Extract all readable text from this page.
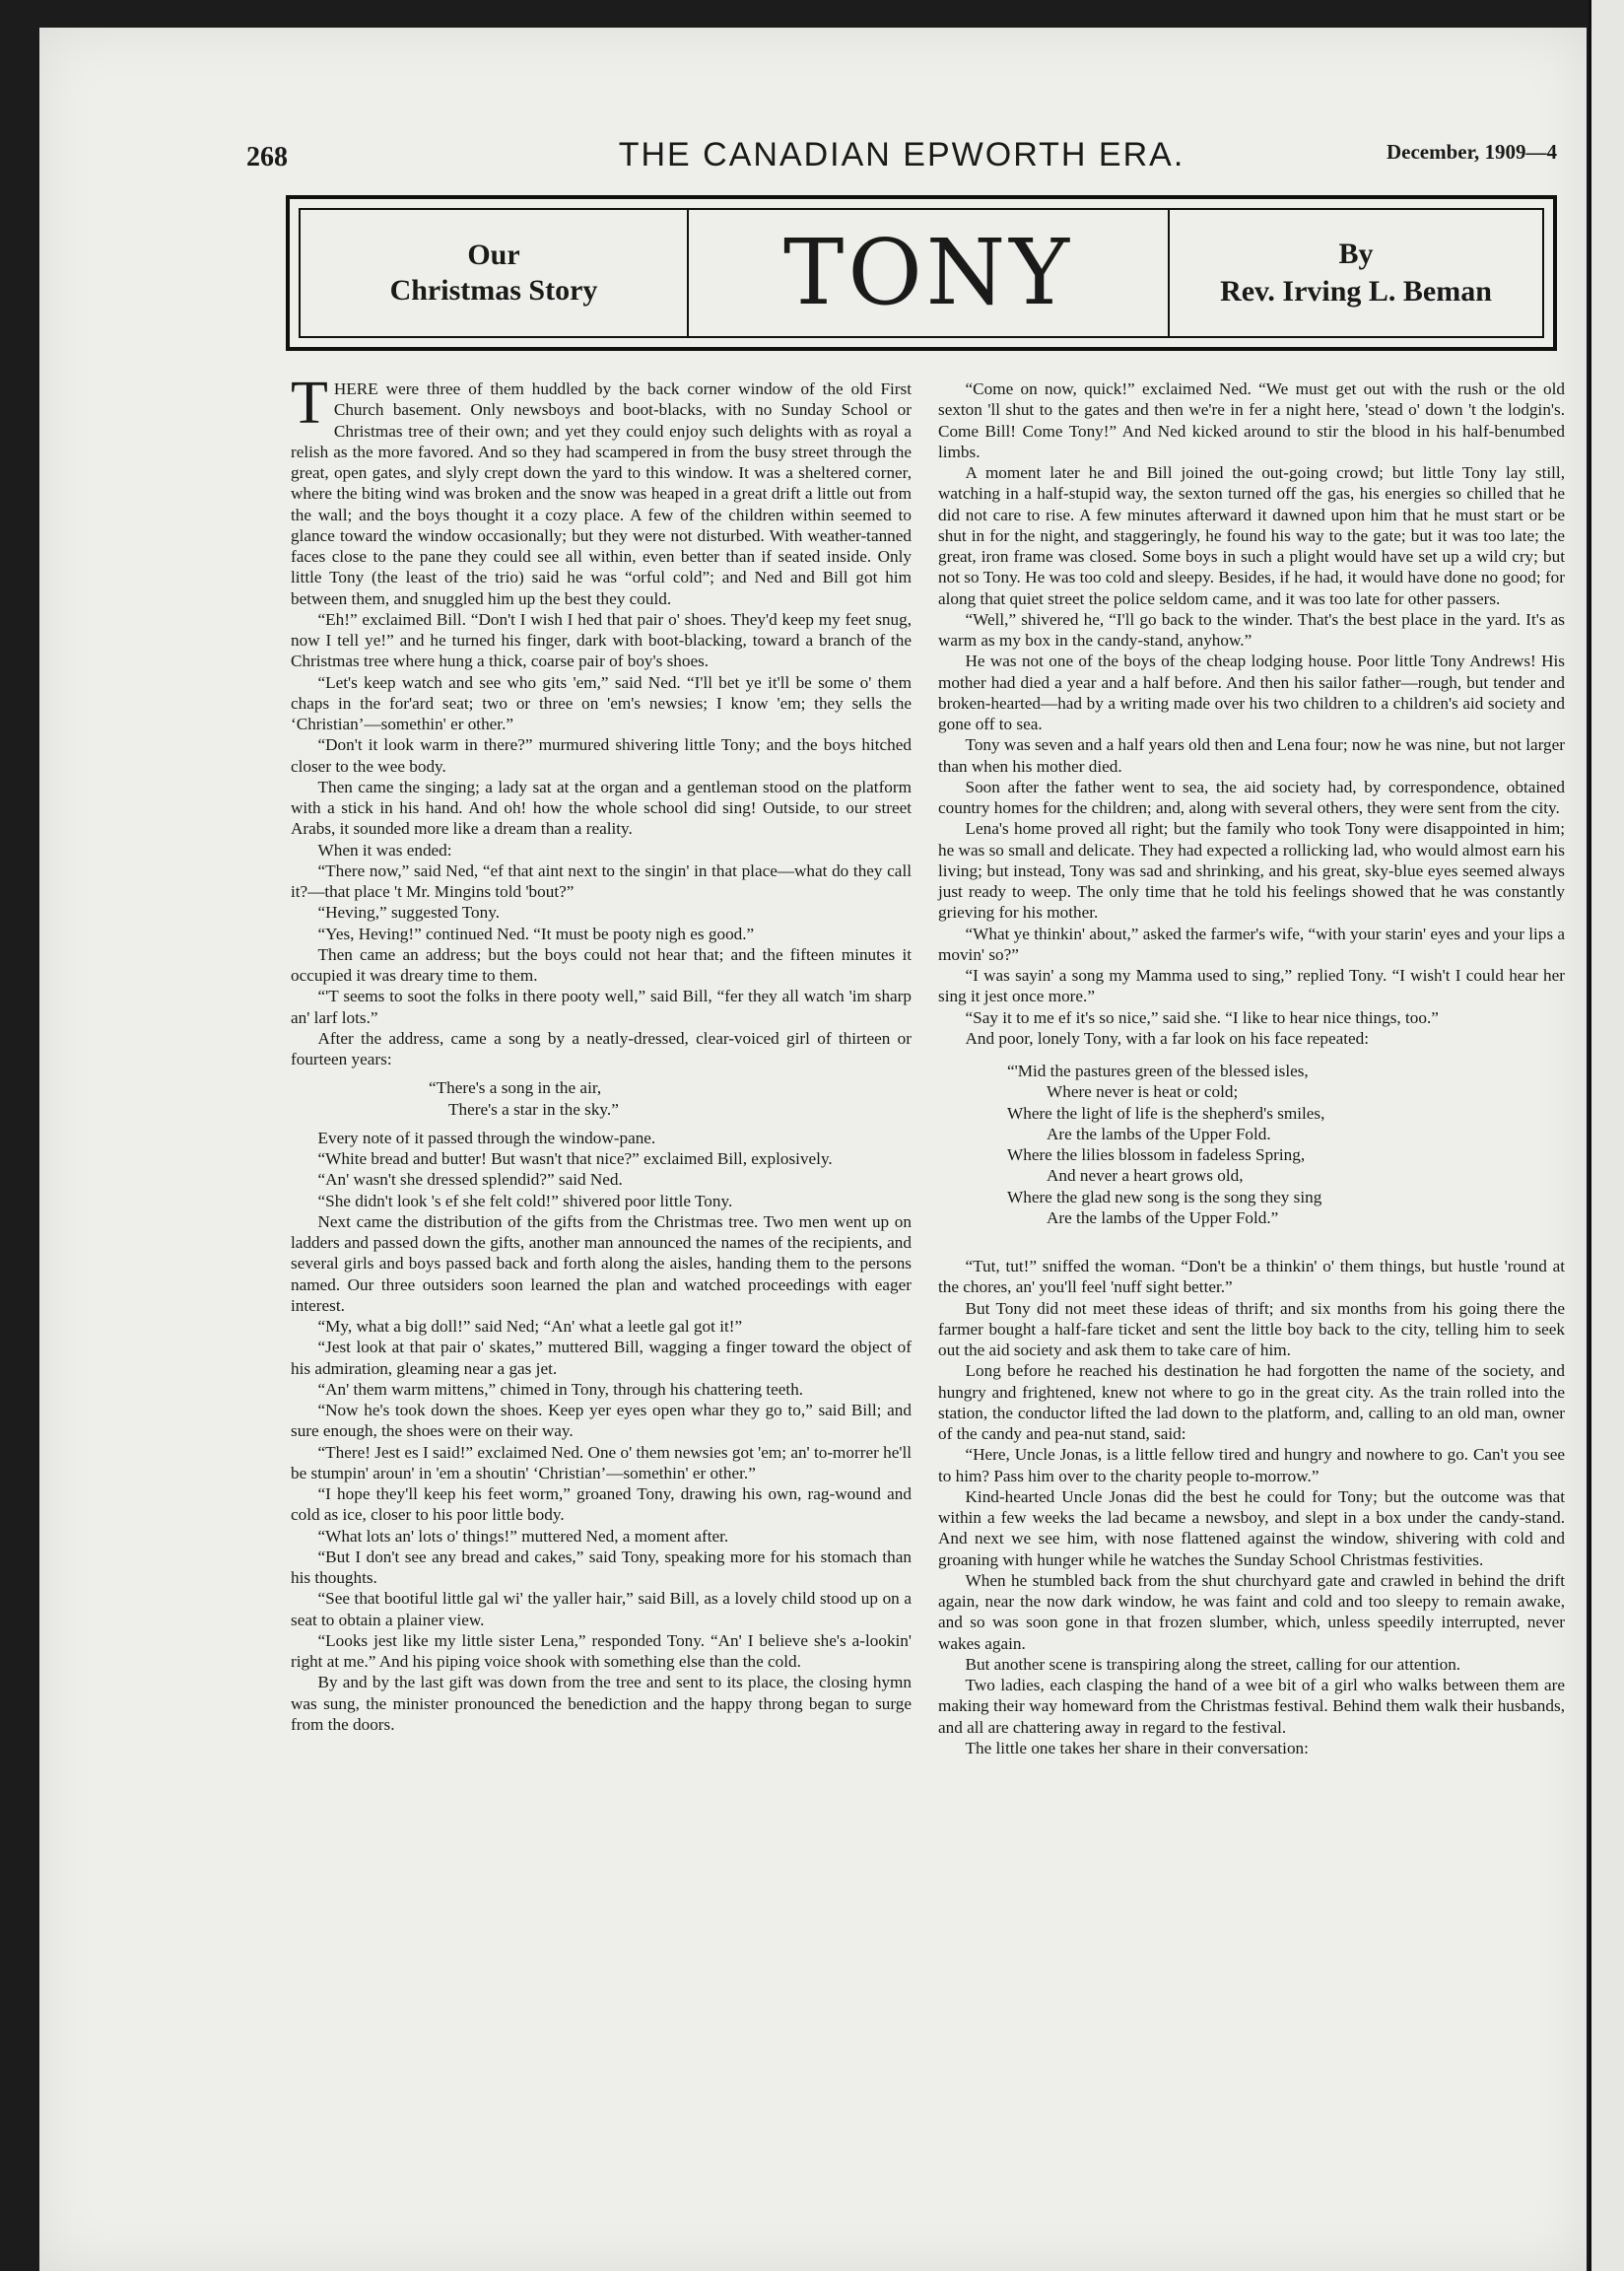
268	THE CANADIAN EPWORTH ERA.	December, 1909—4
Our
Christmas Story	TONY	By
Rev. Irving L. Beman

THERE were three of them huddled by the back corner window of the old First Church basement. Only newsboys and boot-blacks, with no Sunday School or Christmas tree of their own; and yet they could enjoy such delights with as royal a relish as the more favored. And so they had scampered in from the busy street through the great, open gates, and slyly crept down the yard to this window. It was a sheltered corner, where the biting wind was broken and the snow was heaped in a great drift a little out from the wall; and the boys thought it a cozy place. A few of the children within seemed to glance toward the window occasionally; but they were not disturbed. With weather-tanned faces close to the pane they could see all within, even better than if seated inside. Only little Tony (the least of the trio) said he was “orful cold”; and Ned and Bill got him between them, and snuggled him up the best they could.

“Eh!” exclaimed Bill. “Don't I wish I hed that pair o' shoes. They'd keep my feet snug, now I tell ye!” and he turned his finger, dark with boot-blacking, toward a branch of the Christmas tree where hung a thick, coarse pair of boy's shoes.

“Let's keep watch and see who gits 'em,” said Ned. “I'll bet ye it'll be some o' them chaps in the for'ard seat; two or three on 'em's newsies; I know 'em; they sells the ‘Christian’—somethin' er other.”

“Don't it look warm in there?” murmured shivering little Tony; and the boys hitched closer to the wee body.

Then came the singing; a lady sat at the organ and a gentleman stood on the platform with a stick in his hand. And oh! how the whole school did sing! Outside, to our street Arabs, it sounded more like a dream than a reality.

When it was ended:

“There now,” said Ned, “ef that aint next to the singin' in that place—what do they call it?—that place 't Mr. Mingins told 'bout?”

“Heving,” suggested Tony.

“Yes, Heving!” continued Ned. “It must be pooty nigh es good.”

Then came an address; but the boys could not hear that; and the fifteen minutes it occupied it was dreary time to them.

“'T seems to soot the folks in there pooty well,” said Bill, “fer they all watch 'im sharp an' larf lots.”

After the address, came a song by a neatly-dressed, clear-voiced girl of thirteen or fourteen years:

“There's a song in the air,
There's a star in the sky.”

Every note of it passed through the window-pane.

“White bread and butter! But wasn't that nice?” exclaimed Bill, explosively.

“An' wasn't she dressed splendid?” said Ned.

“She didn't look 's ef she felt cold!” shivered poor little Tony.

Next came the distribution of the gifts from the Christmas tree. Two men went up on ladders and passed down the gifts, another man announced the names of the recipients, and several girls and boys passed back and forth along the aisles, handing them to the persons named. Our three outsiders soon learned the plan and watched proceedings with eager interest.

“My, what a big doll!” said Ned; “An' what a leetle gal got it!”

“Jest look at that pair o' skates,” muttered Bill, wagging a finger toward the object of his admiration, gleaming near a gas jet.

“An' them warm mittens,” chimed in Tony, through his chattering teeth.

“Now he's took down the shoes. Keep yer eyes open whar they go to,” said Bill; and sure enough, the shoes were on their way.

“There! Jest es I said!” exclaimed Ned. One o' them newsies got 'em; an' to-morrer he'll be stumpin' aroun' in 'em a shoutin' ‘Christian’—somethin' er other.”

“I hope they'll keep his feet worm,” groaned Tony, drawing his own, rag-wound and cold as ice, closer to his poor little body.

“What lots an' lots o' things!” muttered Ned, a moment after.

“But I don't see any bread and cakes,” said Tony, speaking more for his stomach than his thoughts.

“See that bootiful little gal wi' the yaller hair,” said Bill, as a lovely child stood up on a seat to obtain a plainer view.

“Looks jest like my little sister Lena,” responded Tony. “An' I believe she's a-lookin' right at me.” And his piping voice shook with something else than the cold.

By and by the last gift was down from the tree and sent to its place, the closing hymn was sung, the minister pronounced the benediction and the happy throng began to surge from the doors.

“Come on now, quick!” exclaimed Ned. “We must get out with the rush or the old sexton 'll shut to the gates and then we're in fer a night here, 'stead o' down 't the lodgin's. Come Bill! Come Tony!” And Ned kicked around to stir the blood in his half-benumbed limbs.

A moment later he and Bill joined the out-going crowd; but little Tony lay still, watching in a half-stupid way, the sexton turned off the gas, his energies so chilled that he did not care to rise. A few minutes afterward it dawned upon him that he must start or be shut in for the night, and staggeringly, he found his way to the gate; but it was too late; the great, iron frame was closed. Some boys in such a plight would have set up a wild cry; but not so Tony. He was too cold and sleepy. Besides, if he had, it would have done no good; for along that quiet street the police seldom came, and it was too late for other passers.

“Well,” shivered he, “I'll go back to the winder. That's the best place in the yard. It's as warm as my box in the candy-stand, anyhow.”

He was not one of the boys of the cheap lodging house. Poor little Tony Andrews! His mother had died a year and a half before. And then his sailor father—rough, but tender and broken-hearted—had by a writing made over his two children to a children's aid society and gone off to sea.

Tony was seven and a half years old then and Lena four; now he was nine, but not larger than when his mother died.

Soon after the father went to sea, the aid society had, by correspondence, obtained country homes for the children; and, along with several others, they were sent from the city.

Lena's home proved all right; but the family who took Tony were disappointed in him; he was so small and delicate. They had expected a rollicking lad, who would almost earn his living; but instead, Tony was sad and shrinking, and his great, sky-blue eyes seemed always just ready to weep. The only time that he told his feelings showed that he was constantly grieving for his mother.

“What ye thinkin' about,” asked the farmer's wife, “with your starin' eyes and your lips a movin' so?”

“I was sayin' a song my Mamma used to sing,” replied Tony. “I wish't I could hear her sing it jest once more.”

“Say it to me ef it's so nice,” said she. “I like to hear nice things, too.”

And poor, lonely Tony, with a far look on his face repeated:

“'Mid the pastures green of the blessed isles,
Where never is heat or cold;
Where the light of life is the shepherd's smiles,
Are the lambs of the Upper Fold.
Where the lilies blossom in fadeless Spring,
And never a heart grows old,
Where the glad new song is the song they sing
Are the lambs of the Upper Fold.”

“Tut, tut!” sniffed the woman. “Don't be a thinkin' o' them things, but hustle 'round at the chores, an' you'll feel 'nuff sight better.”

But Tony did not meet these ideas of thrift; and six months from his going there the farmer bought a half-fare ticket and sent the little boy back to the city, telling him to seek out the aid society and ask them to take care of him.

Long before he reached his destination he had forgotten the name of the society, and hungry and frightened, knew not where to go in the great city. As the train rolled into the station, the conductor lifted the lad down to the platform, and, calling to an old man, owner of the candy and pea-nut stand, said:

“Here, Uncle Jonas, is a little fellow tired and hungry and nowhere to go. Can't you see to him? Pass him over to the charity people to-morrow.”

Kind-hearted Uncle Jonas did the best he could for Tony; but the outcome was that within a few weeks the lad became a newsboy, and slept in a box under the candy-stand. And next we see him, with nose flattened against the window, shivering with cold and groaning with hunger while he watches the Sunday School Christmas festivities.

When he stumbled back from the shut churchyard gate and crawled in behind the drift again, near the now dark window, he was faint and cold and too sleepy to remain awake, and so was soon gone in that frozen slumber, which, unless speedily interrupted, never wakes again.

But another scene is transpiring along the street, calling for our attention.

Two ladies, each clasping the hand of a wee bit of a girl who walks between them are making their way homeward from the Christmas festival. Behind them walk their husbands, and all are chattering away in regard to the festival.

The little one takes her share in their conversation:
